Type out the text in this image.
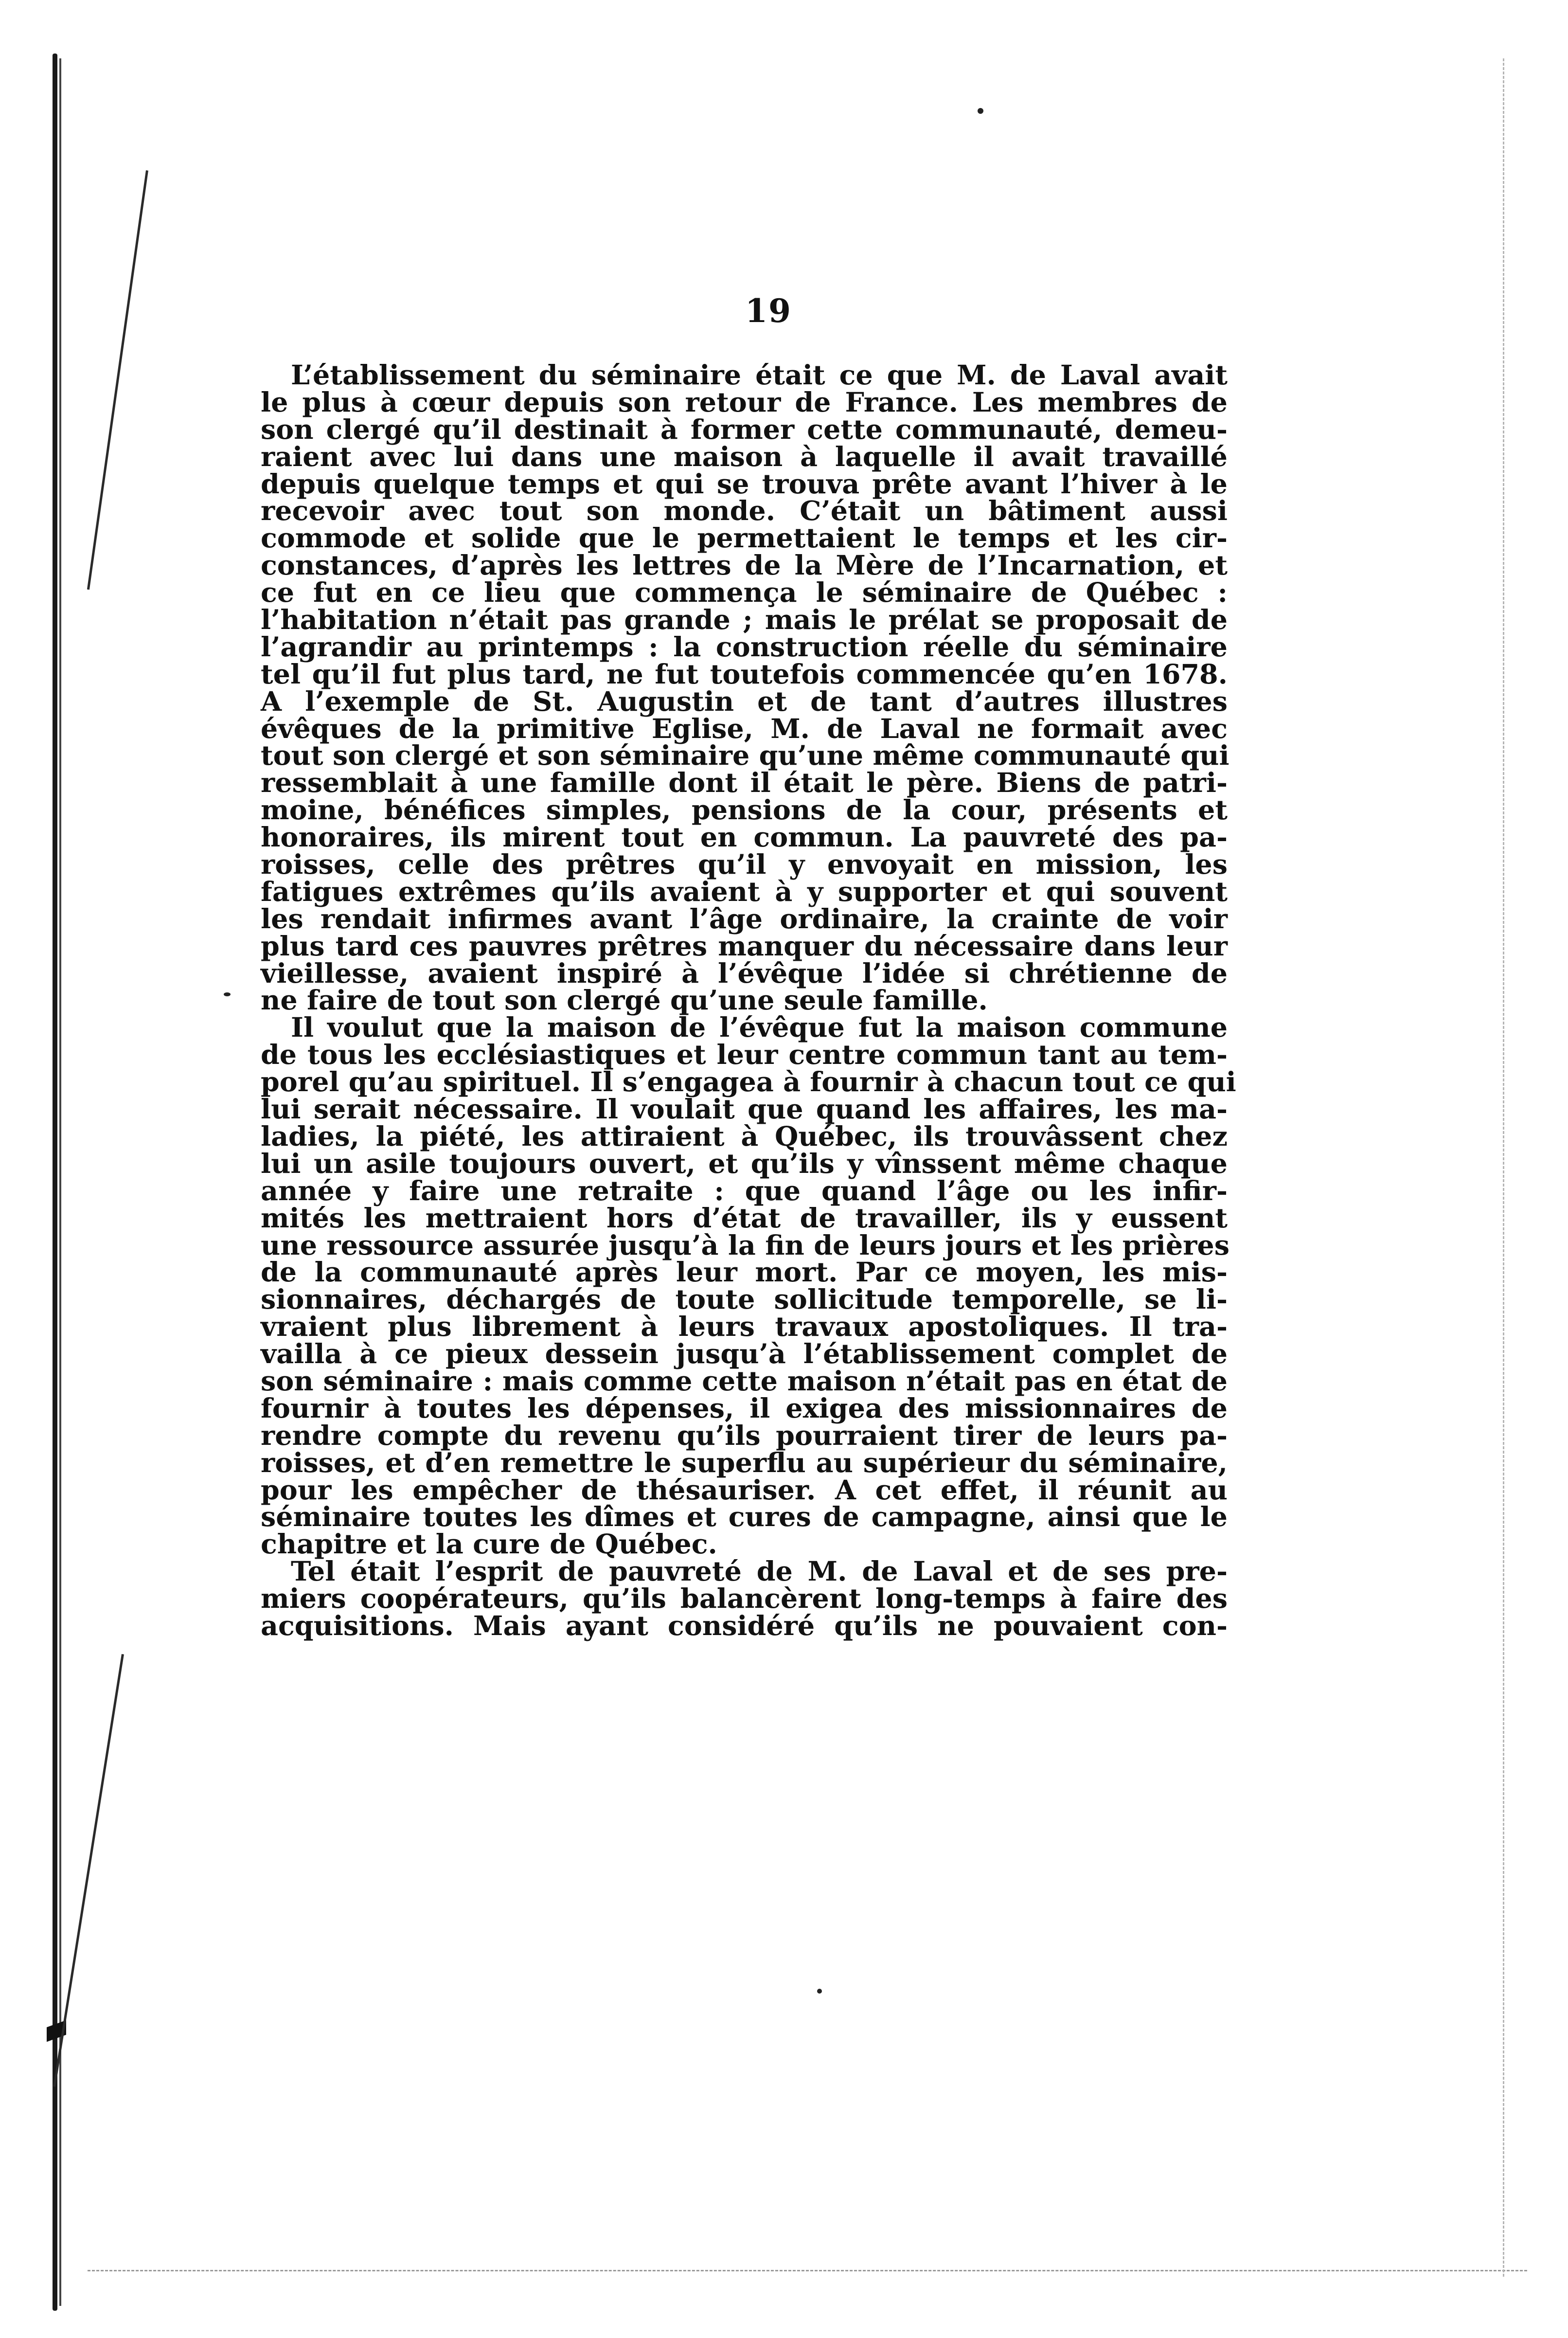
19
L’établissement du séminaire était ce que M. de Laval avait
le plus à cœur depuis son retour de France. Les membres de
son clergé qu’il destinait à former cette communauté, demeu-
raient avec lui dans une maison à laquelle il avait travaillé
depuis quelque temps et qui se trouva prête avant l’hiver à le
recevoir avec tout son monde. C’était un bâtiment aussi
commode et solide que le permettaient le temps et les cir-
constances, d’après les lettres de la Mère de l’Incarnation, et
ce fut en ce lieu que commença le séminaire de Québec :
l’habitation n’était pas grande ; mais le prélat se proposait de
l’agrandir au printemps : la construction réelle du séminaire
tel qu’il fut plus tard, ne fut toutefois commencée qu’en 1678.
A l’exemple de St. Augustin et de tant d’autres illustres
évêques de la primitive Eglise, M. de Laval ne formait avec
tout son clergé et son séminaire qu’une même communauté qui
ressemblait à une famille dont il était le père. Biens de patri-
moine, bénéfices simples, pensions de la cour, présents et
honoraires, ils mirent tout en commun. La pauvreté des pa-
roisses, celle des prêtres qu’il y envoyait en mission, les
fatigues extrêmes qu’ils avaient à y supporter et qui souvent
les rendait infirmes avant l’âge ordinaire, la crainte de voir
plus tard ces pauvres prêtres manquer du nécessaire dans leur
vieillesse, avaient inspiré à l’évêque l’idée si chrétienne de
ne faire de tout son clergé qu’une seule famille.
Il voulut que la maison de l’évêque fut la maison commune
de tous les ecclésiastiques et leur centre commun tant au tem-
porel qu’au spirituel. Il s’engagea à fournir à chacun tout ce qui
lui serait nécessaire. Il voulait que quand les affaires, les ma-
ladies, la piété, les attiraient à Québec, ils trouvâssent chez
lui un asile toujours ouvert, et qu’ils y vînssent même chaque
année y faire une retraite : que quand l’âge ou les infir-
mités les mettraient hors d’état de travailler, ils y eussent
une ressource assurée jusqu’à la fin de leurs jours et les prières
de la communauté après leur mort. Par ce moyen, les mis-
sionnaires, déchargés de toute sollicitude temporelle, se li-
vraient plus librement à leurs travaux apostoliques. Il tra-
vailla à ce pieux dessein jusqu’à l’établissement complet de
son séminaire : mais comme cette maison n’était pas en état de
fournir à toutes les dépenses, il exigea des missionnaires de
rendre compte du revenu qu’ils pourraient tirer de leurs pa-
roisses, et d’en remettre le superflu au supérieur du séminaire,
pour les empêcher de thésauriser. A cet effet, il réunit au
séminaire toutes les dîmes et cures de campagne, ainsi que le
chapitre et la cure de Québec.
Tel était l’esprit de pauvreté de M. de Laval et de ses pre-
miers coopérateurs, qu’ils balancèrent long-temps à faire des
acquisitions. Mais ayant considéré qu’ils ne pouvaient con-
